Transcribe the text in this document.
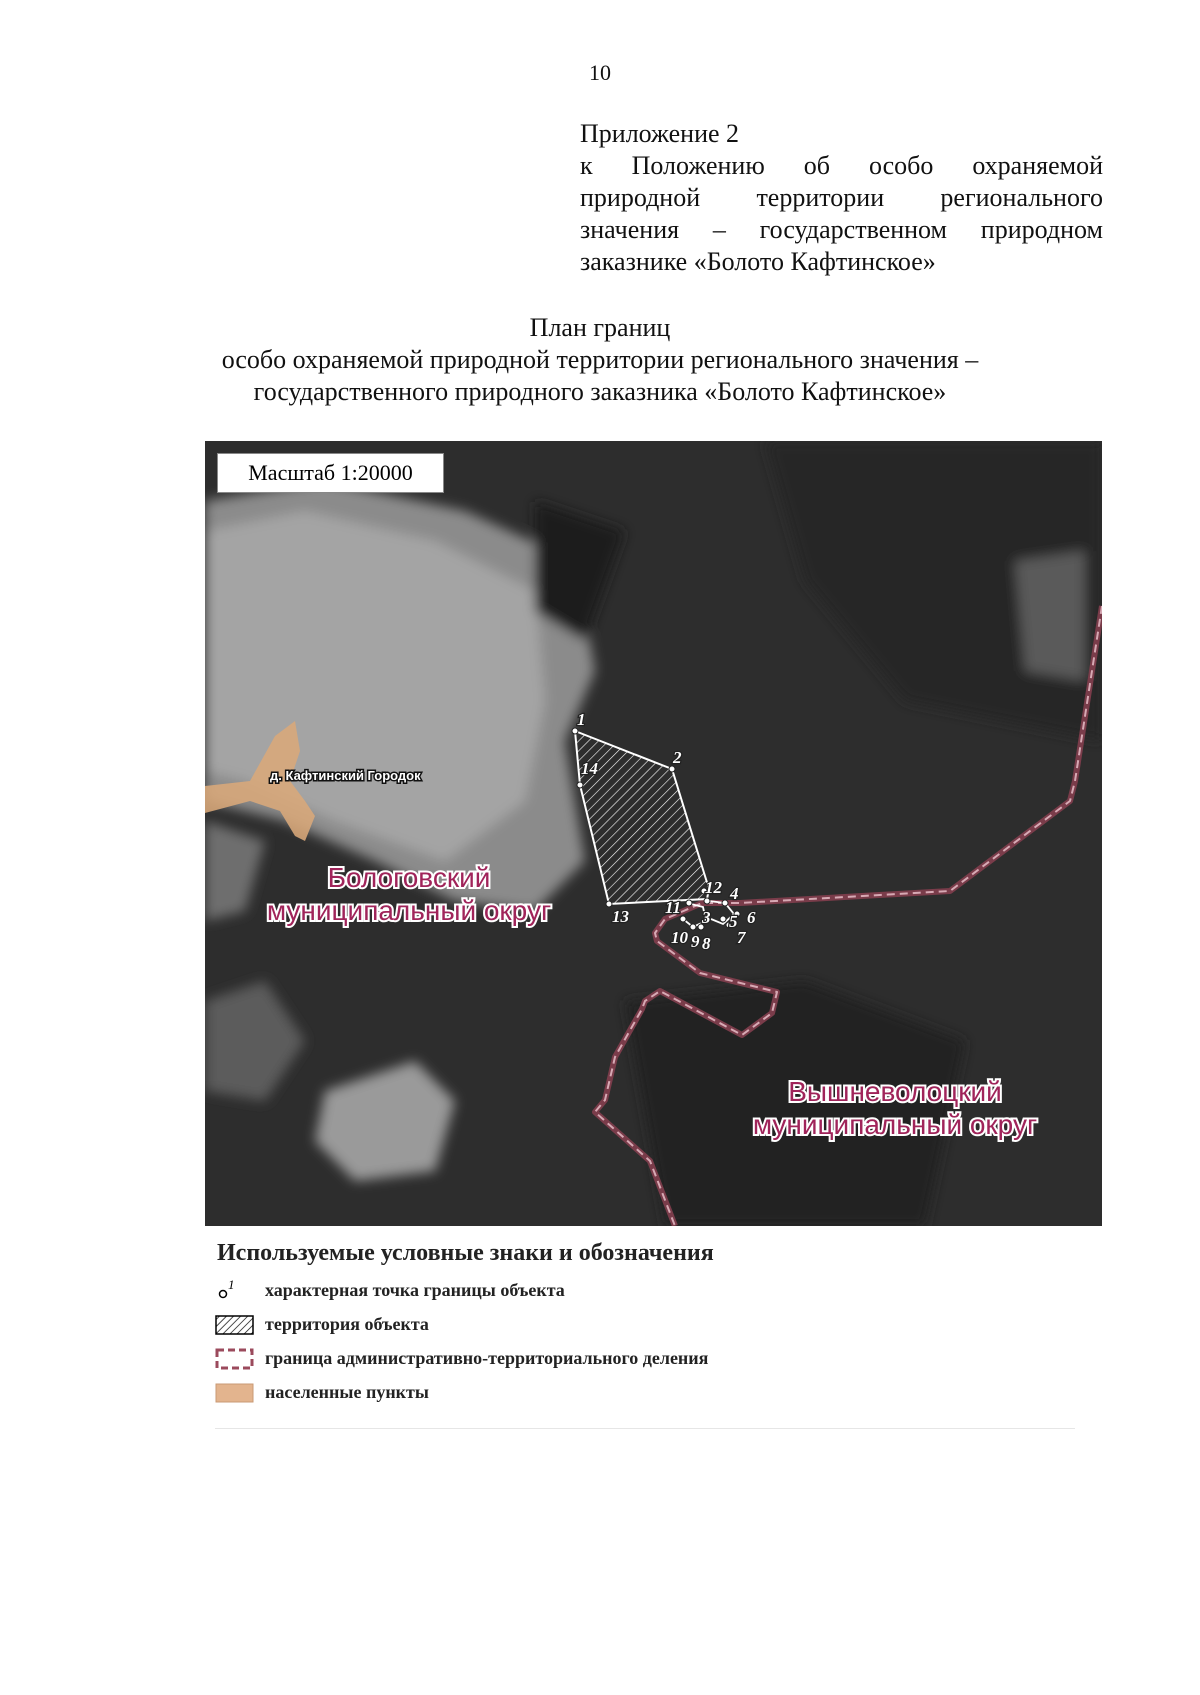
10
Приложение 2
к Положению об особо охраняемой
природной территории регионального
значения – государственном природном
заказнике «Болото Кафтинское»
План границ
особо охраняемой природной территории регионального значения –
государственного природного заказника «Болото Кафтинское»
1
2
3
4
5 6
7
8
9
10
11
12
13
14
д. Кафтинский Городок
Бологовский
муниципальный округ
Вышневолоцкий
муниципальный округ
Масштаб 1:20000
Используемые условные знаки и обозначения
1 характерная точка границы объекта
территория объекта
граница административно-территориального деления
населенные пункты
